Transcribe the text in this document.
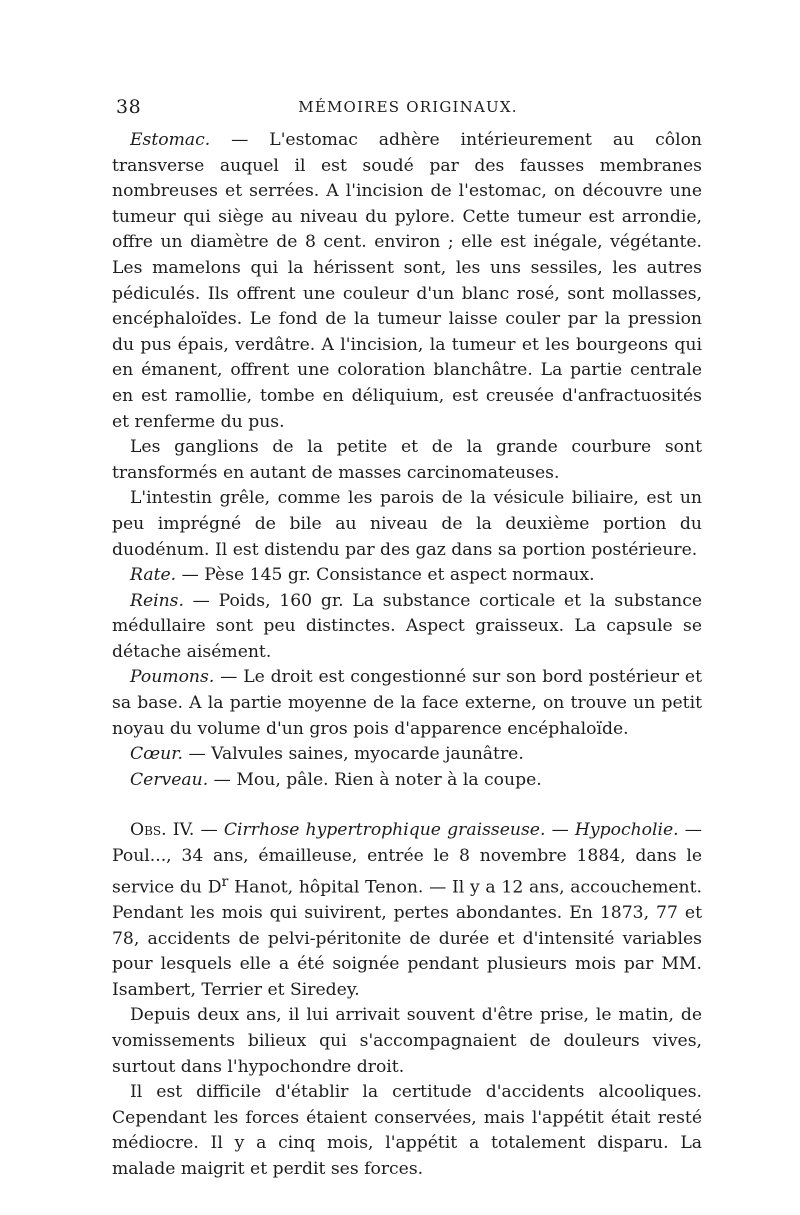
38	MÉMOIRES ORIGINAUX.

Estomac. — L'estomac adhère intérieurement au côlon transverse auquel il est soudé par des fausses membranes nombreuses et serrées. A l'incision de l'estomac, on découvre une tumeur qui siège au niveau du pylore. Cette tumeur est arrondie, offre un diamètre de 8 cent. environ ; elle est inégale, végétante. Les mamelons qui la hérissent sont, les uns sessiles, les autres pédiculés. Ils offrent une couleur d'un blanc rosé, sont mollasses, encéphaloïdes. Le fond de la tumeur laisse couler par la pression du pus épais, verdâtre. A l'incision, la tumeur et les bourgeons qui en émanent, offrent une coloration blanchâtre. La partie centrale en est ramollie, tombe en déliquium, est creusée d'anfractuosités et renferme du pus.

Les ganglions de la petite et de la grande courbure sont transformés en autant de masses carcinomateuses.

L'intestin grêle, comme les parois de la vésicule biliaire, est un peu imprégné de bile au niveau de la deuxième portion du duodénum. Il est distendu par des gaz dans sa portion postérieure.

Rate. — Pèse 145 gr. Consistance et aspect normaux.

Reins. — Poids, 160 gr. La substance corticale et la substance médullaire sont peu distinctes. Aspect graisseux. La capsule se détache aisément.

Poumons. — Le droit est congestionné sur son bord postérieur et sa base. A la partie moyenne de la face externe, on trouve un petit noyau du volume d'un gros pois d'apparence encéphaloïde.

Cœur. — Valvules saines, myocarde jaunâtre.

Cerveau. — Mou, pâle. Rien à noter à la coupe.

Obs. IV. — Cirrhose hypertrophique graisseuse. — Hypocholie. — Poul..., 34 ans, émailleuse, entrée le 8 novembre 1884, dans le service du $D^r$ Hanot, hôpital Tenon. — Il y a 12 ans, accouchement. Pendant les mois qui suivirent, pertes abondantes. En 1873, 77 et 78, accidents de pelvi-péritonite de durée et d'intensité variables pour lesquels elle a été soignée pendant plusieurs mois par MM. Isambert, Terrier et Siredey.

Depuis deux ans, il lui arrivait souvent d'être prise, le matin, de vomissements bilieux qui s'accompagnaient de douleurs vives, surtout dans l'hypochondre droit.

Il est difficile d'établir la certitude d'accidents alcooliques. Cependant les forces étaient conservées, mais l'appétit était resté médiocre. Il y a cinq mois, l'appétit a totalement disparu. La malade maigrit et perdit ses forces.
